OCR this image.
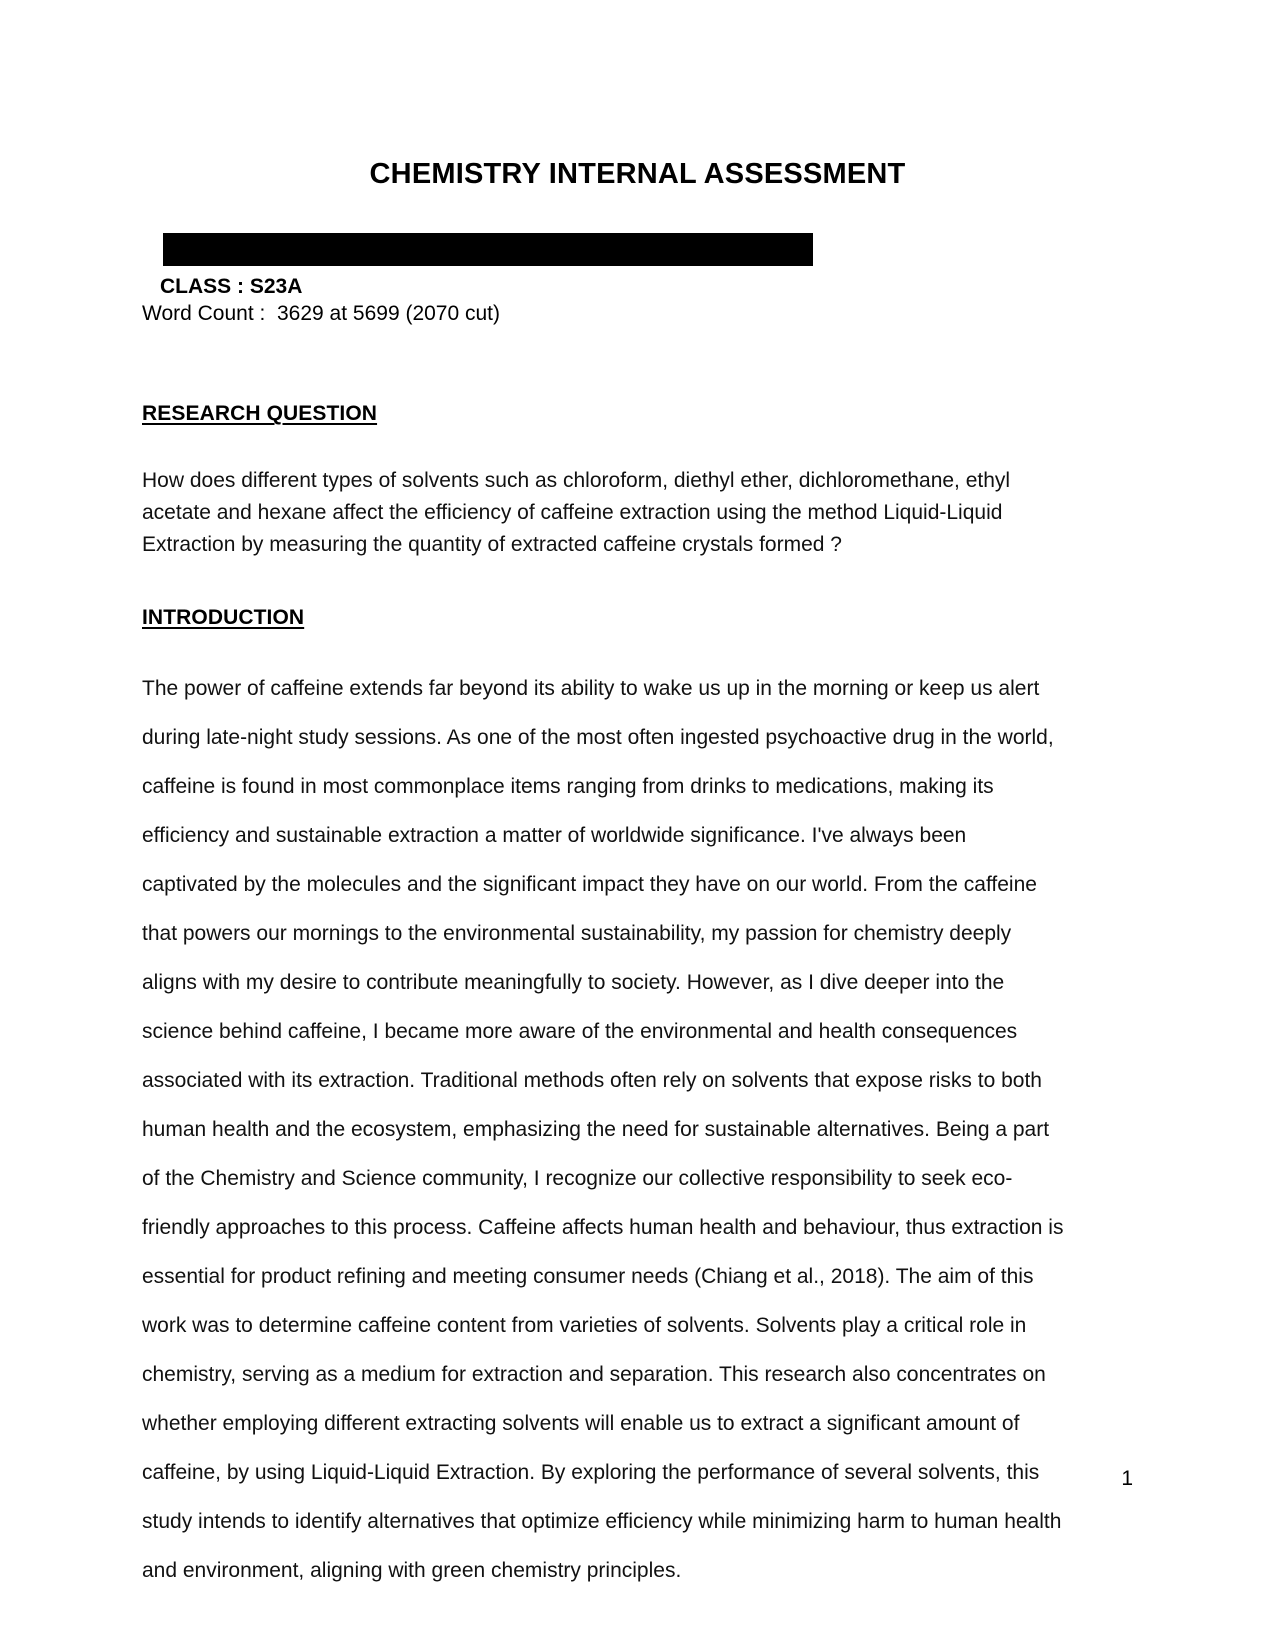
CHEMISTRY INTERNAL ASSESSMENT
CLASS : S23A
Word Count :  3629 at 5699 (2070 cut)
RESEARCH QUESTION

How does different types of solvents such as chloroform, diethyl ether, dichloromethane, ethyl acetate and hexane affect the efficiency of caffeine extraction using the method Liquid-Liquid Extraction by measuring the quantity of extracted caffeine crystals formed ?

INTRODUCTION

The power of caffeine extends far beyond its ability to wake us up in the morning or keep us alert during late-night study sessions. As one of the most often ingested psychoactive drug in the world, caffeine is found in most commonplace items ranging from drinks to medications, making its efficiency and sustainable extraction a matter of worldwide significance. I've always been captivated by the molecules and the significant impact they have on our world. From the caffeine that powers our mornings to the environmental sustainability, my passion for chemistry deeply aligns with my desire to contribute meaningfully to society. However, as I dive deeper into the science behind caffeine, I became more aware of the environmental and health consequences associated with its extraction. Traditional methods often rely on solvents that expose risks to both human health and the ecosystem, emphasizing the need for sustainable alternatives. Being a part of the Chemistry and Science community, I recognize our collective responsibility to seek eco-friendly approaches to this process. Caffeine affects human health and behaviour, thus extraction is essential for product refining and meeting consumer needs (Chiang et al., 2018). The aim of this work was to determine caffeine content from varieties of solvents. Solvents play a critical role in chemistry, serving as a medium for extraction and separation. This research also concentrates on whether employing different extracting solvents will enable us to extract a significant amount of caffeine, by using Liquid-Liquid Extraction. By exploring the performance of several solvents, this study intends to identify alternatives that optimize efficiency while minimizing harm to human health and environment, aligning with green chemistry principles.

1
